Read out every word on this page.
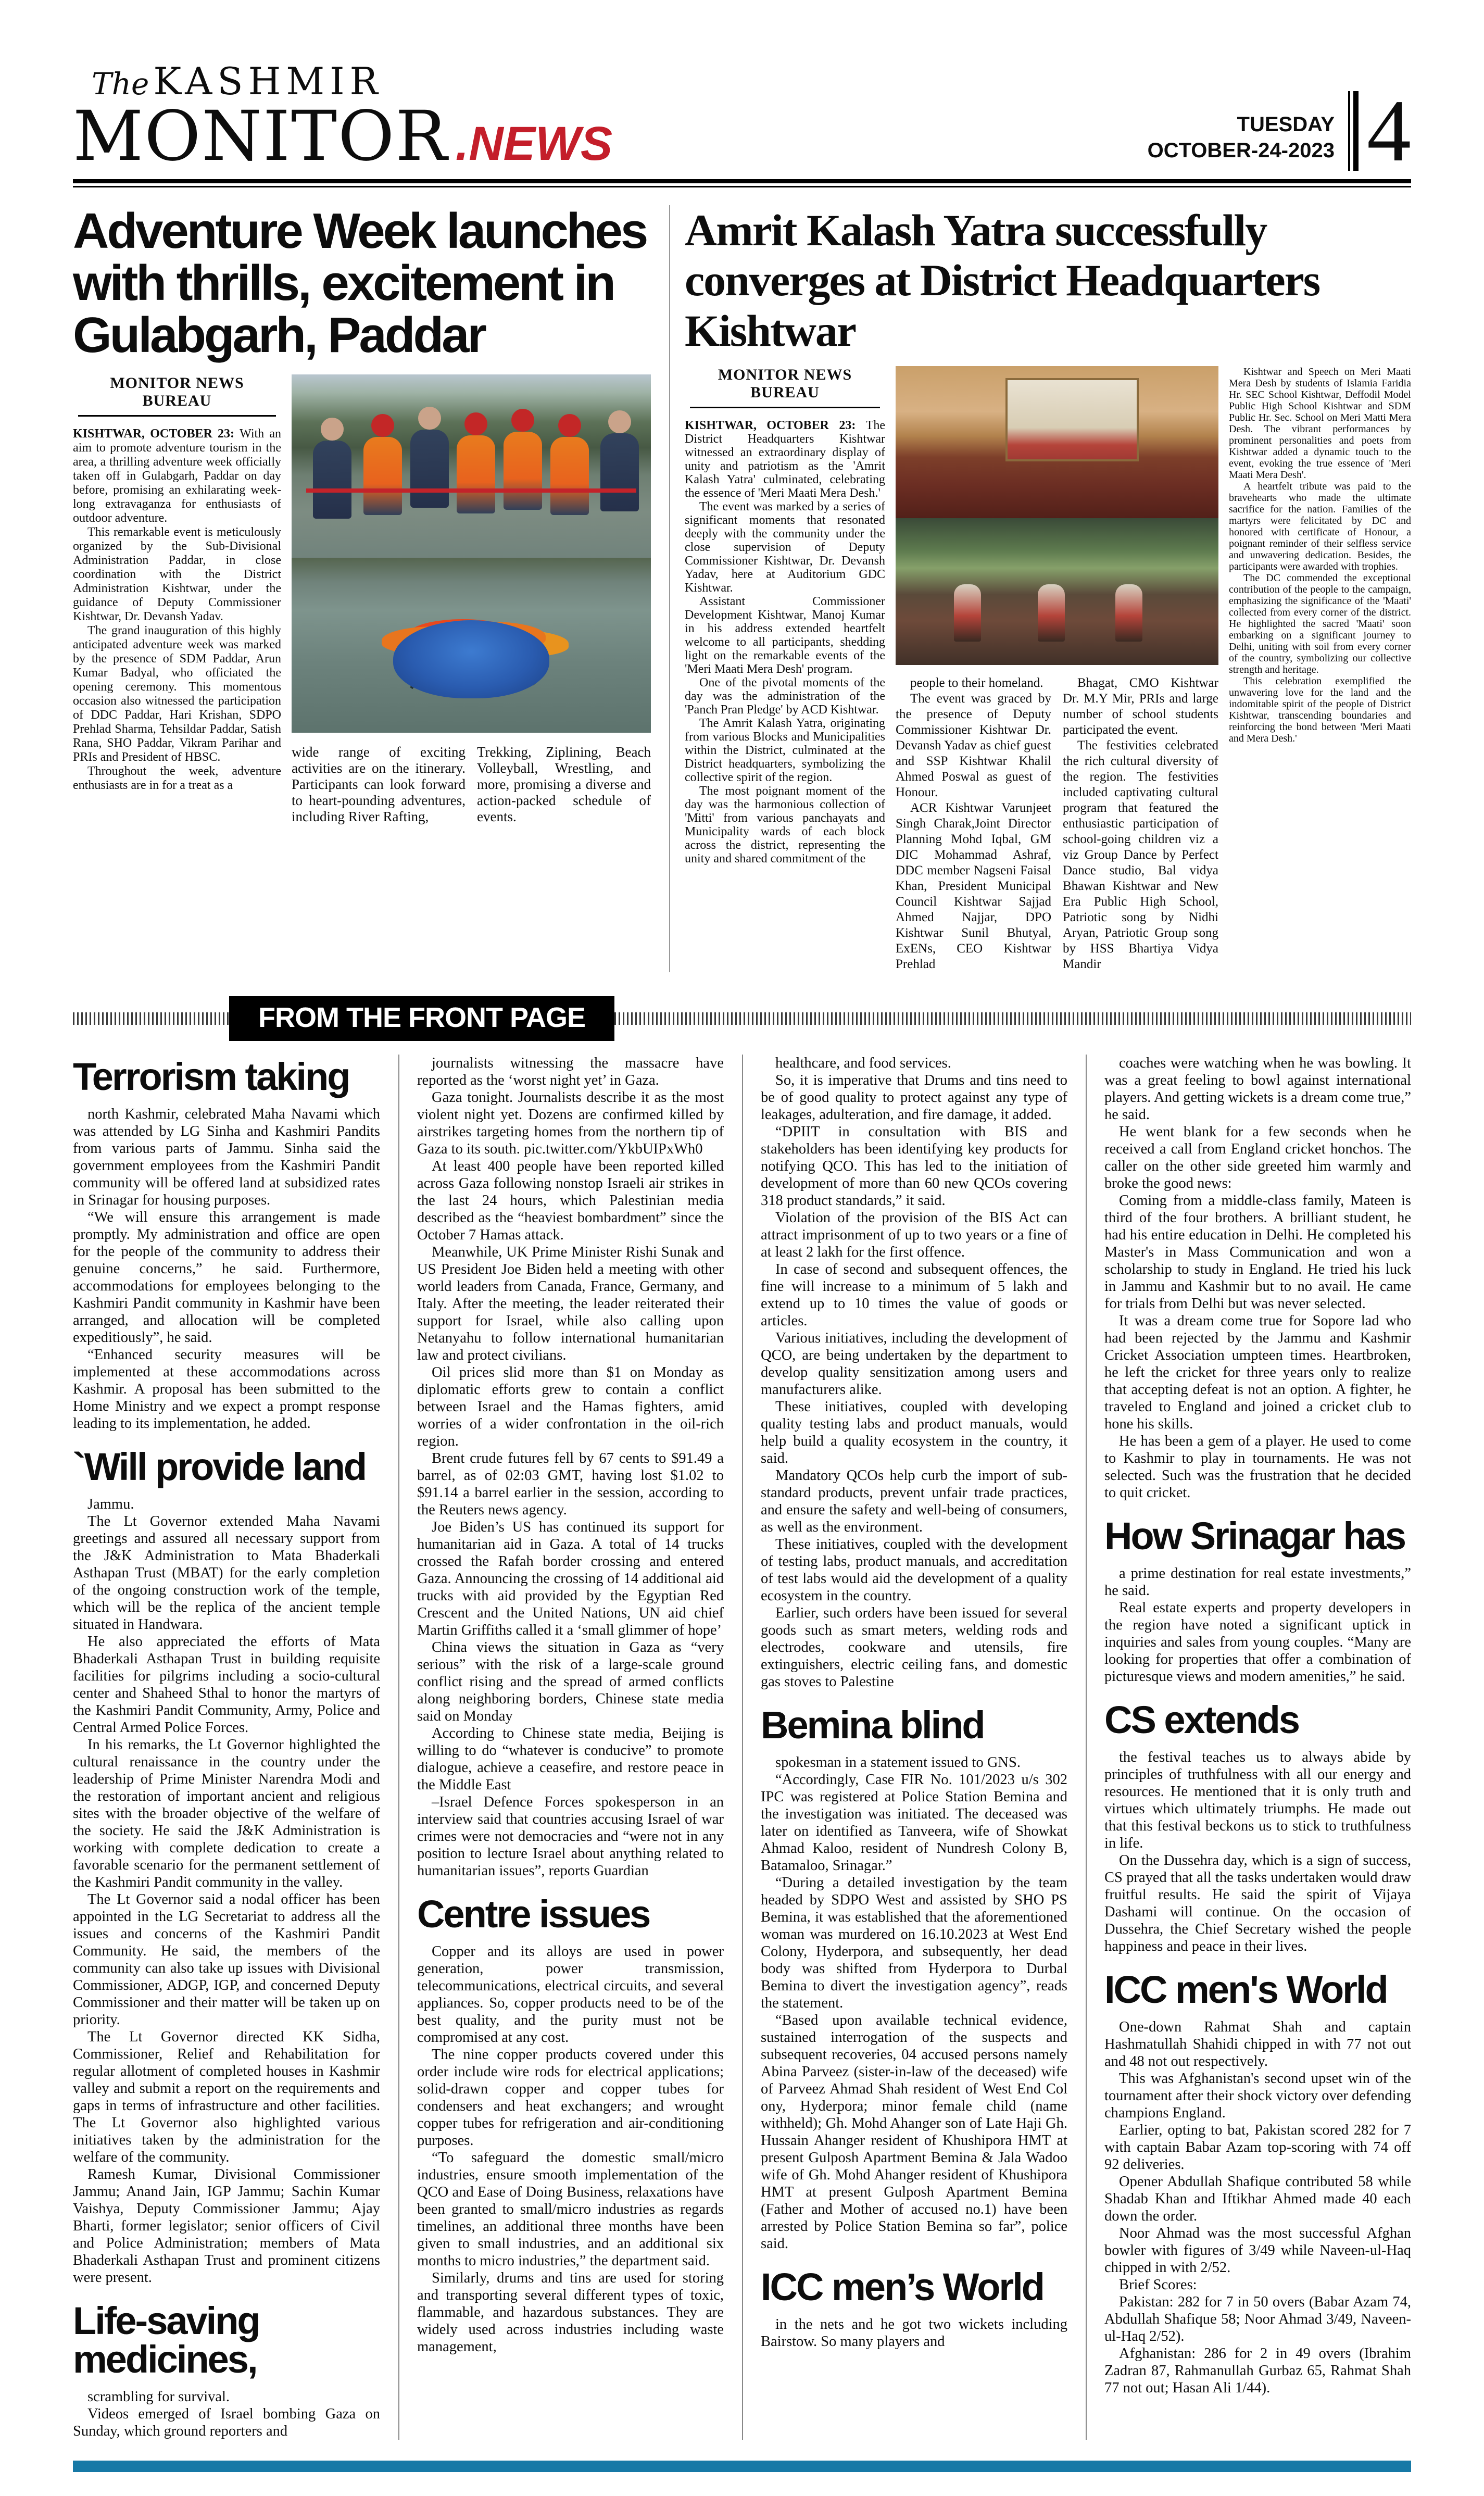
The KASHMIR
MONITOR .NEWS	TUESDAY
OCTOBER-24-2023 4
Adventure Week launches with thrills, excitement in Gulabgarh, Paddar
MONITOR NEWS BUREAU

KISHTWAR, OCTOBER 23: With an aim to promote adventure tourism in the area, a thrilling adventure week officially taken off in Gulabgarh, Paddar on day before, promising an exhilarating week-long extravaganza for enthusiasts of outdoor adventure.

This remarkable event is meticulously organized by the Sub-Divisional Administration Paddar, in close coordination with the District Administration Kishtwar, under the guidance of Deputy Commissioner Kishtwar, Dr. Devansh Yadav.

The grand inauguration of this highly anticipated adventure week was marked by the presence of SDM Paddar, Arun Kumar Badyal, who officiated the opening ceremony. This momentous occasion also witnessed the participation of DDC Paddar, Hari Krishan, SDPO Prehlad Sharma, Tehsildar Paddar, Satish Rana, SHO Paddar, Vikram Parihar and PRIs and President of HBSC.

Throughout the week, adventure enthusiasts are in for a treat as a

wide range of exciting activities are on the itinerary. Participants can look forward to heart-pounding adventures, including River Rafting,

Trekking, Ziplining, Beach Volleyball, Wrestling, and more, promising a diverse and action-packed schedule of events.

Amrit Kalash Yatra successfully converges at District Headquarters Kishtwar
MONITOR NEWS BUREAU

KISHTWAR, OCTOBER 23: The District Headquarters Kishtwar witnessed an extraordinary display of unity and patriotism as the 'Amrit Kalash Yatra' culminated, celebrating the essence of 'Meri Maati Mera Desh.'

The event was marked by a series of significant moments that resonated deeply with the community under the close supervision of Deputy Commissioner Kishtwar, Dr. Devansh Yadav, here at Auditorium GDC Kishtwar.

Assistant Commissioner Development Kishtwar, Manoj Kumar in his address extended heartfelt welcome to all participants, shedding light on the remarkable events of the 'Meri Maati Mera Desh' program.

One of the pivotal moments of the day was the administration of the 'Panch Pran Pledge' by ACD Kishtwar.

The Amrit Kalash Yatra, originating from various Blocks and Municipalities within the District, culminated at the District headquarters, symbolizing the collective spirit of the region.

The most poignant moment of the day was the harmonious collection of 'Mitti' from various panchayats and Municipality wards of each block across the district, representing the unity and shared commitment of the

people to their homeland.

The event was graced by the presence of Deputy Commissioner Kishtwar Dr. Devansh Yadav as chief guest and SSP Kishtwar Khalil Ahmed Poswal as guest of Honour.

ACR Kishtwar Varunjeet Singh Charak,Joint Director Planning Mohd Iqbal, GM DIC Mohammad Ashraf, DDC member Nagseni Faisal Khan, President Municipal Council Kishtwar Sajjad Ahmed Najjar, DPO Kishtwar Sunil Bhutyal, ExENs, CEO Kishtwar Prehlad

Bhagat, CMO Kishtwar Dr. M.Y Mir, PRIs and large number of school students participated the event.

The festivities celebrated the rich cultural diversity of the region. The festivities included captivating cultural program that featured the enthusiastic participation of school-going children viz a viz Group Dance by Perfect Dance studio, Bal vidya Bhawan Kishtwar and New Era Public High School, Patriotic song by Nidhi Aryan, Patriotic Group song by HSS Bhartiya Vidya Mandir

Kishtwar and Speech on Meri Maati Mera Desh by students of Islamia Faridia Hr. SEC School Kishtwar, Deffodil Model Public High School Kishtwar and SDM Public Hr. Sec. School on Meri Matti Mera Desh. The vibrant performances by prominent personalities and poets from Kishtwar added a dynamic touch to the event, evoking the true essence of 'Meri Maati Mera Desh'.

A heartfelt tribute was paid to the bravehearts who made the ultimate sacrifice for the nation. Families of the martyrs were felicitated by DC and honored with certificate of Honour, a poignant reminder of their selfless service and unwavering dedication. Besides, the participants were awarded with trophies.

The DC commended the exceptional contribution of the people to the campaign, emphasizing the significance of the 'Maati' collected from every corner of the district. He highlighted the sacred 'Maati' soon embarking on a significant journey to Delhi, uniting with soil from every corner of the country, symbolizing our collective strength and heritage.

This celebration exemplified the unwavering love for the land and the indomitable spirit of the people of District Kishtwar, transcending boundaries and reinforcing the bond between 'Meri Maati and Mera Desh.'

FROM THE FRONT PAGE
Terrorism taking

north Kashmir, celebrated Maha Navami which was attended by LG Sinha and Kashmiri Pandits from various parts of Jammu. Sinha said the government employees from the Kashmiri Pandit community will be offered land at subsidized rates in Srinagar for housing purposes.

“We will ensure this arrangement is made promptly. My administration and office are open for the people of the community to address their genuine concerns,” he said. Furthermore, accommodations for employees belonging to the Kashmiri Pandit community in Kashmir have been arranged, and allocation will be completed expeditiously”, he said.

“Enhanced security measures will be implemented at these accommodations across Kashmir. A proposal has been submitted to the Home Ministry and we expect a prompt response leading to its implementation, he added.

`Will provide land

Jammu.

The Lt Governor extended Maha Navami greetings and assured all necessary support from the J&K Administration to Mata Bhaderkali Asthapan Trust (MBAT) for the early completion of the ongoing construction work of the temple, which will be the replica of the ancient temple situated in Handwara.

He also appreciated the efforts of Mata Bhaderkali Asthapan Trust in building requisite facilities for pilgrims including a socio-cultural center and Shaheed Sthal to honor the martyrs of the Kashmiri Pandit Community, Army, Police and Central Armed Police Forces.

In his remarks, the Lt Governor highlighted the cultural renaissance in the country under the leadership of Prime Minister Narendra Modi and the restoration of important ancient and religious sites with the broader objective of the welfare of the society. He said the J&K Administration is working with complete dedication to create a favorable scenario for the permanent settlement of the Kashmiri Pandit community in the valley.

The Lt Governor said a nodal officer has been appointed in the LG Secretariat to address all the issues and concerns of the Kashmiri Pandit Community. He said, the members of the community can also take up issues with Divisional Commissioner, ADGP, IGP, and concerned Deputy Commissioner and their matter will be taken up on priority.

The Lt Governor directed KK Sidha, Commissioner, Relief and Rehabilitation for regular allotment of completed houses in Kashmir valley and submit a report on the requirements and gaps in terms of infrastructure and other facilities. The Lt Governor also highlighted various initiatives taken by the administration for the welfare of the community.

Ramesh Kumar, Divisional Commissioner Jammu; Anand Jain, IGP Jammu; Sachin Kumar Vaishya, Deputy Commissioner Jammu; Ajay Bharti, former legislator; senior officers of Civil and Police Administration; members of Mata Bhaderkali Asthapan Trust and prominent citizens were present.

Life-saving medicines,

scrambling for survival.

Videos emerged of Israel bombing Gaza on Sunday, which ground reporters and

journalists witnessing the massacre have reported as the ‘worst night yet’ in Gaza.

Gaza tonight. Journalists describe it as the most violent night yet. Dozens are confirmed killed by airstrikes targeting homes from the northern tip of Gaza to its south. pic.twitter.com/YkbUIPxWh0

At least 400 people have been reported killed across Gaza following nonstop Israeli air strikes in the last 24 hours, which Palestinian media described as the “heaviest bombardment” since the October 7 Hamas attack.

Meanwhile, UK Prime Minister Rishi Sunak and US President Joe Biden held a meeting with other world leaders from Canada, France, Germany, and Italy. After the meeting, the leader reiterated their support for Israel, while also calling upon Netanyahu to follow international humanitarian law and protect civilians.

Oil prices slid more than $1 on Monday as diplomatic efforts grew to contain a conflict between Israel and the Hamas fighters, amid worries of a wider confrontation in the oil-rich region.

Brent crude futures fell by 67 cents to $91.49 a barrel, as of 02:03 GMT, having lost $1.02 to $91.14 a barrel earlier in the session, according to the Reuters news agency.

Joe Biden’s US has continued its support for humanitarian aid in Gaza. A total of 14 trucks crossed the Rafah border crossing and entered Gaza. Announcing the crossing of 14 additional aid trucks with aid provided by the Egyptian Red Crescent and the United Nations, UN aid chief Martin Griffiths called it a ‘small glimmer of hope’

China views the situation in Gaza as “very serious” with the risk of a large-scale ground conflict rising and the spread of armed conflicts along neighboring borders, Chinese state media said on Monday

According to Chinese state media, Beijing is willing to do “whatever is conducive” to promote dialogue, achieve a ceasefire, and restore peace in the Middle East

–Israel Defence Forces spokesperson in an interview said that countries accusing Israel of war crimes were not democracies and “were not in any position to lecture Israel about anything related to humanitarian issues”, reports Guardian

Centre issues

Copper and its alloys are used in power generation, power transmission, telecommunications, electrical circuits, and several appliances. So, copper products need to be of the best quality, and the purity must not be compromised at any cost.

The nine copper products covered under this order include wire rods for electrical applications; solid-drawn copper and copper tubes for condensers and heat exchangers; and wrought copper tubes for refrigeration and air-conditioning purposes.

“To safeguard the domestic small/micro industries, ensure smooth implementation of the QCO and Ease of Doing Business, relaxations have been granted to small/micro industries as regards timelines, an additional three months have been given to small industries, and an additional six months to micro industries,” the department said.

Similarly, drums and tins are used for storing and transporting several different types of toxic, flammable, and hazardous substances. They are widely used across industries including waste management,

healthcare, and food services.

So, it is imperative that Drums and tins need to be of good quality to protect against any type of leakages, adulteration, and fire damage, it added.

“DPIIT in consultation with BIS and stakeholders has been identifying key products for notifying QCO. This has led to the initiation of development of more than 60 new QCOs covering 318 product standards,” it said.

Violation of the provision of the BIS Act can attract imprisonment of up to two years or a fine of at least 2 lakh for the first offence.

In case of second and subsequent offences, the fine will increase to a minimum of 5 lakh and extend up to 10 times the value of goods or articles.

Various initiatives, including the development of QCO, are being undertaken by the department to develop quality sensitization among users and manufacturers alike.

These initiatives, coupled with developing quality testing labs and product manuals, would help build a quality ecosystem in the country, it said.

Mandatory QCOs help curb the import of sub-standard products, prevent unfair trade practices, and ensure the safety and well-being of consumers, as well as the environment.

These initiatives, coupled with the development of testing labs, product manuals, and accreditation of test labs would aid the development of a quality ecosystem in the country.

Earlier, such orders have been issued for several goods such as smart meters, welding rods and electrodes, cookware and utensils, fire extinguishers, electric ceiling fans, and domestic gas stoves to Palestine

Bemina blind

spokesman in a statement issued to GNS.

“Accordingly, Case FIR No. 101/2023 u/s 302 IPC was registered at Police Station Bemina and the investigation was initiated. The deceased was later on identified as Tanveera, wife of Showkat Ahmad Kaloo, resident of Nundresh Colony B, Batamaloo, Srinagar.”

“During a detailed investigation by the team headed by SDPO West and assisted by SHO PS Bemina, it was established that the aforementioned woman was murdered on 16.10.2023 at West End Colony, Hyderpora, and subsequently, her dead body was shifted from Hyderpora to Durbal Bemina to divert the investigation agency”, reads the statement.

“Based upon available technical evidence, sustained interrogation of the suspects and subsequent recoveries, 04 accused persons namely Abina Parveez (sister-in-law of the deceased) wife of Parveez Ahmad Shah resident of West End Col ony, Hyderpora; minor female child (name withheld); Gh. Mohd Ahanger son of Late Haji Gh. Hussain Ahanger resident of Khushipora HMT at present Gulposh Apartment Bemina & Jala Wadoo wife of Gh. Mohd Ahanger resident of Khushipora HMT at present Gulposh Apartment Bemina (Father and Mother of accused no.1) have been arrested by Police Station Bemina so far”, police said.

ICC men’s World

in the nets and he got two wickets including Bairstow. So many players and

coaches were watching when he was bowling. It was a great feeling to bowl against international players. And getting wickets is a dream come true,” he said.

He went blank for a few seconds when he received a call from England cricket honchos. The caller on the other side greeted him warmly and broke the good news:

Coming from a middle-class family, Mateen is third of the four brothers. A brilliant student, he had his entire education in Delhi. He completed his Master's in Mass Communication and won a scholarship to study in England. He tried his luck in Jammu and Kashmir but to no avail. He came for trials from Delhi but was never selected.

It was a dream come true for Sopore lad who had been rejected by the Jammu and Kashmir Cricket Association umpteen times. Heartbroken, he left the cricket for three years only to realize that accepting defeat is not an option. A fighter, he traveled to England and joined a cricket club to hone his skills.

He has been a gem of a player. He used to come to Kashmir to play in tournaments. He was not selected. Such was the frustration that he decided to quit cricket.

How Srinagar has

a prime destination for real estate investments,” he said.

Real estate experts and property developers in the region have noted a significant uptick in inquiries and sales from young couples. “Many are looking for properties that offer a combination of picturesque views and modern amenities,” he said.

CS extends

the festival teaches us to always abide by principles of truthfulness with all our energy and resources. He mentioned that it is only truth and virtues which ultimately triumphs. He made out that this festival beckons us to stick to truthfulness in life.

On the Dussehra day, which is a sign of success, CS prayed that all the tasks undertaken would draw fruitful results. He said the spirit of Vijaya Dashami will continue. On the occasion of Dussehra, the Chief Secretary wished the people happiness and peace in their lives.

ICC men's World

One-down Rahmat Shah and captain Hashmatullah Shahidi chipped in with 77 not out and 48 not out respectively.

This was Afghanistan's second upset win of the tournament after their shock victory over defending champions England.

Earlier, opting to bat, Pakistan scored 282 for 7 with captain Babar Azam top-scoring with 74 off 92 deliveries.

Opener Abdullah Shafique contributed 58 while Shadab Khan and Iftikhar Ahmed made 40 each down the order.

Noor Ahmad was the most successful Afghan bowler with figures of 3/49 while Naveen-ul-Haq chipped in with 2/52.

Brief Scores:

Pakistan: 282 for 7 in 50 overs (Babar Azam 74, Abdullah Shafique 58; Noor Ahmad 3/49, Naveen-ul-Haq 2/52).

Afghanistan: 286 for 2 in 49 overs (Ibrahim Zadran 87, Rahmanullah Gurbaz 65, Rahmat Shah 77 not out; Hasan Ali 1/44).
